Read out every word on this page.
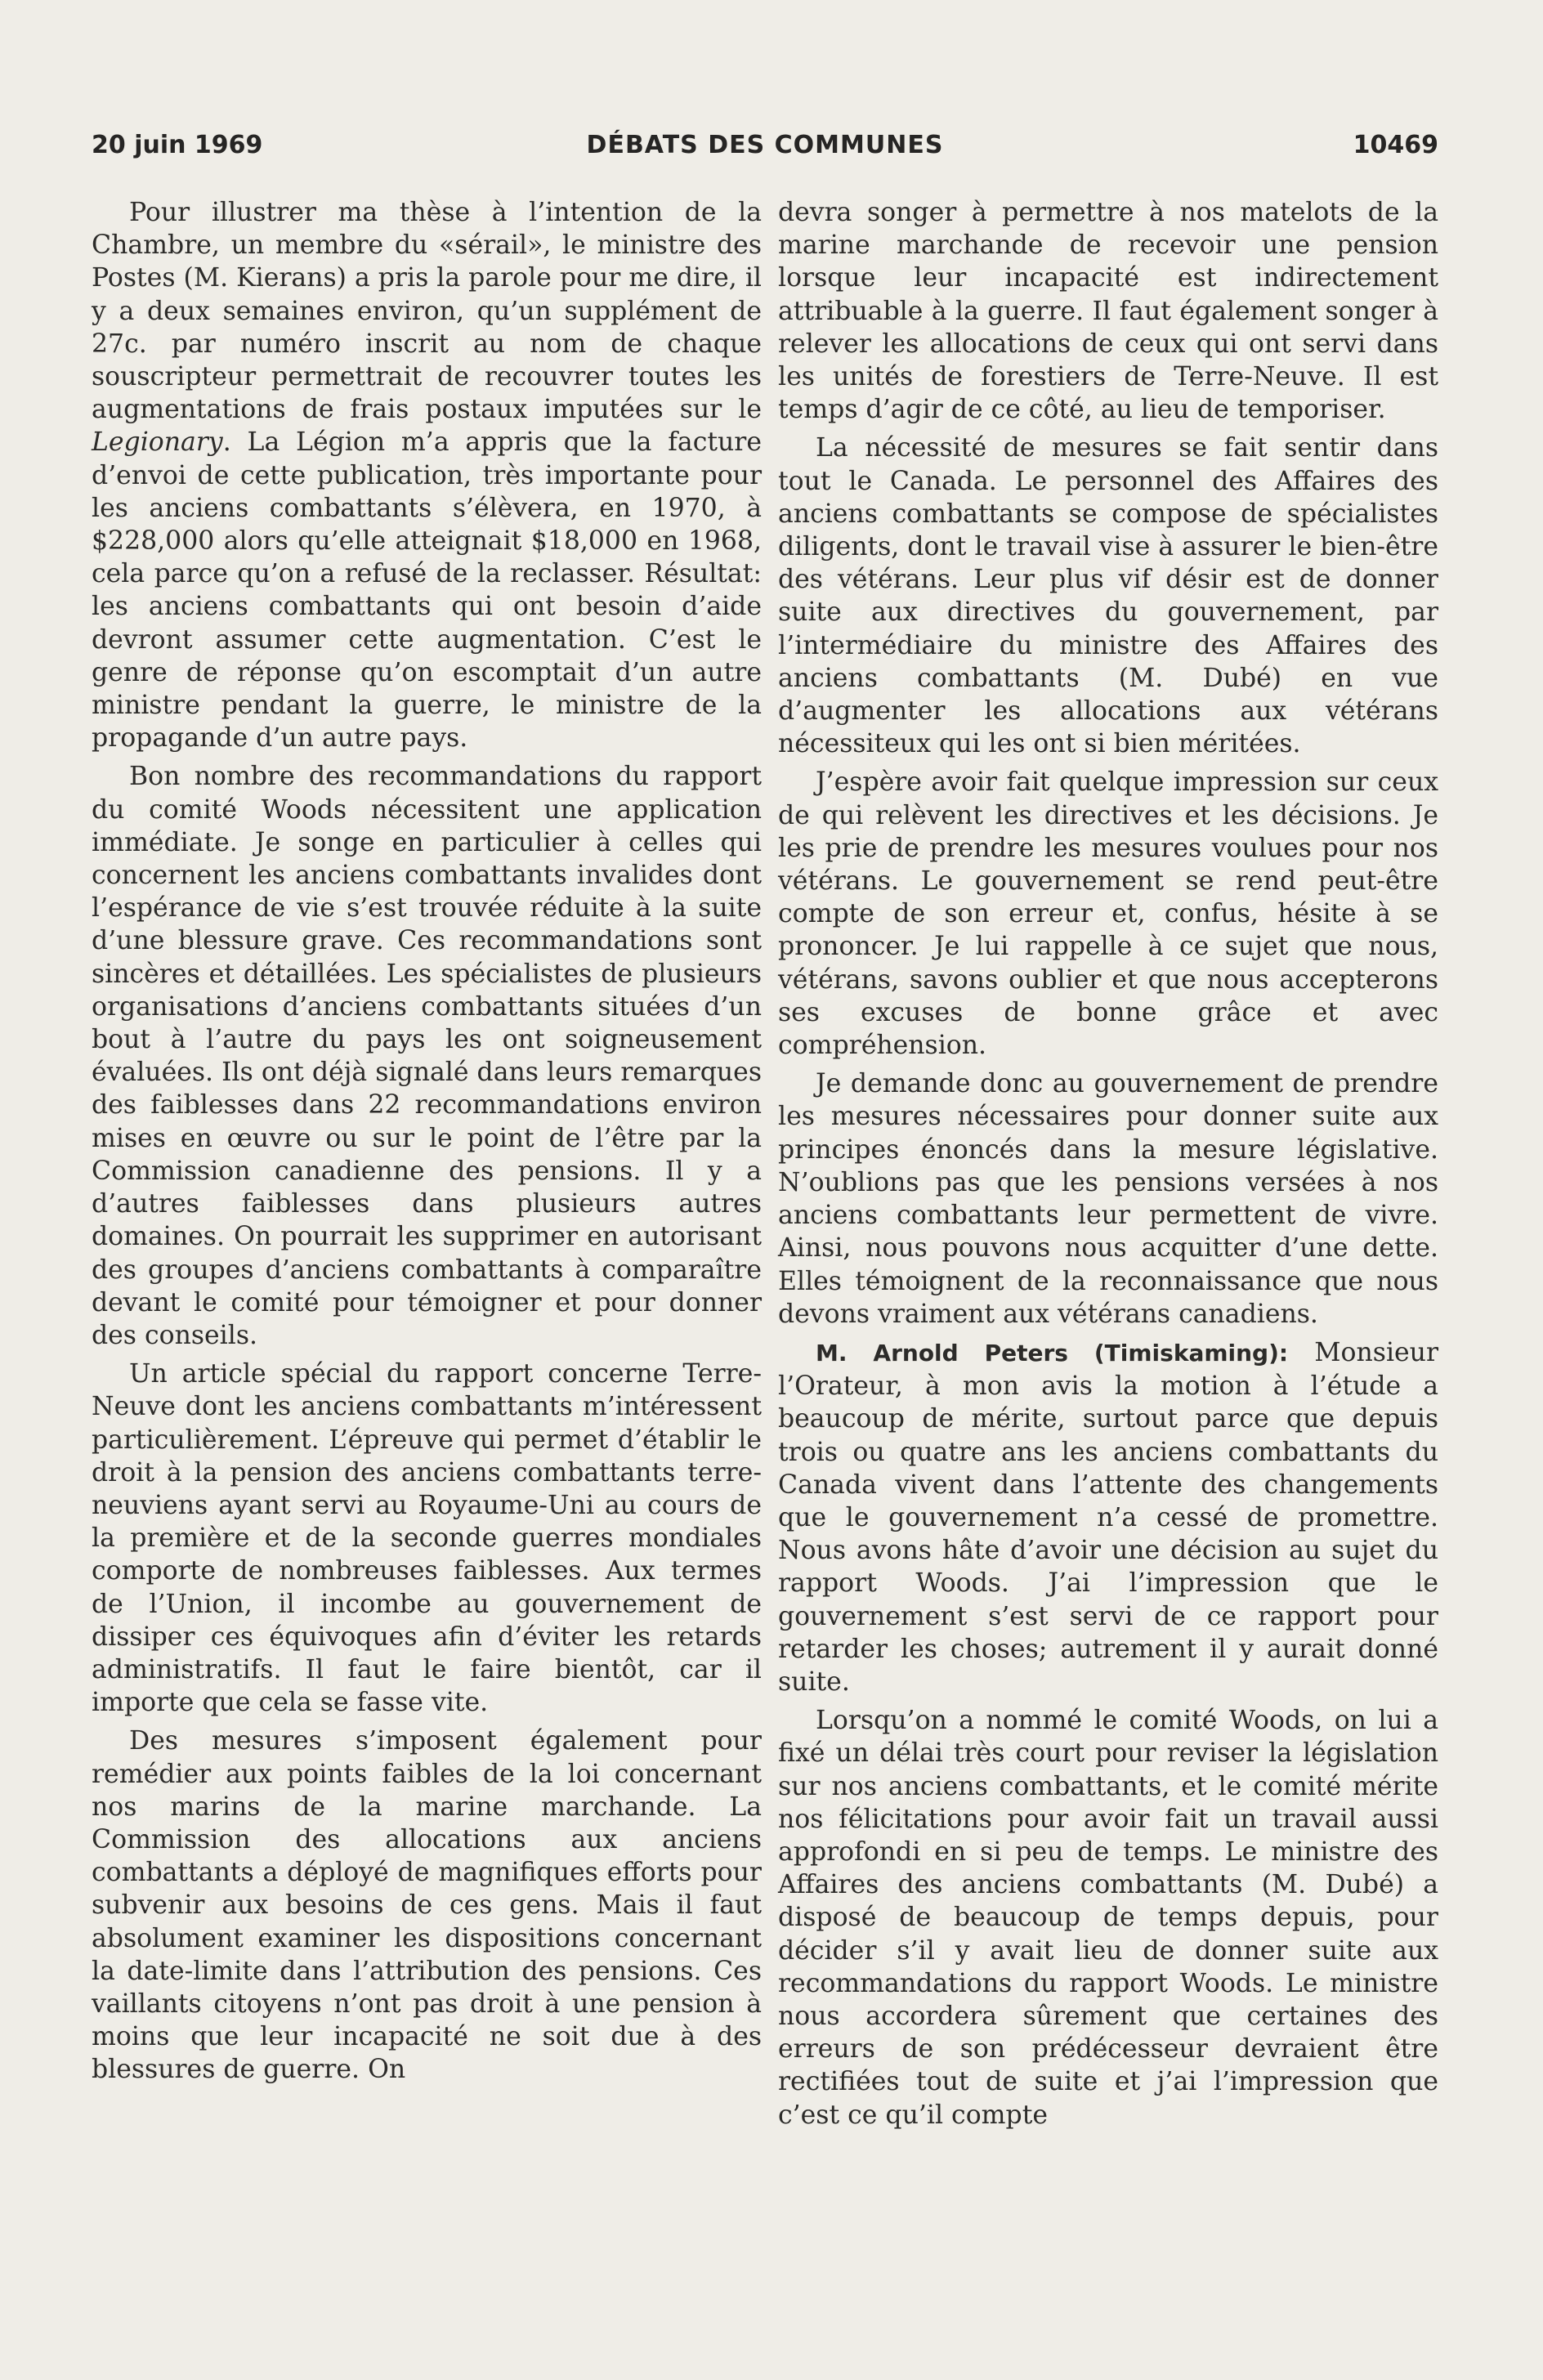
20 juin 1969	DÉBATS DES COMMUNES	10469

Pour illustrer ma thèse à l’intention de la Chambre, un membre du «sérail», le ministre des Postes (M. Kierans) a pris la parole pour me dire, il y a deux semaines environ, qu’un supplément de 27c. par numéro inscrit au nom de chaque souscripteur permettrait de recouvrer toutes les augmentations de frais postaux imputées sur le Legionary. La Légion m’a appris que la facture d’envoi de cette publication, très importante pour les anciens combattants s’élèvera, en 1970, à $228,000 alors qu’elle atteignait $18,000 en 1968, cela parce qu’on a refusé de la reclasser. Résultat: les anciens combattants qui ont besoin d’aide devront assumer cette augmentation. C’est le genre de réponse qu’on escomptait d’un autre ministre pendant la guerre, le ministre de la propagande d’un autre pays.

Bon nombre des recommandations du rapport du comité Woods nécessitent une application immédiate. Je songe en particulier à celles qui concernent les anciens combattants invalides dont l’espérance de vie s’est trouvée réduite à la suite d’une blessure grave. Ces recommandations sont sincères et détaillées. Les spécialistes de plusieurs organisations d’anciens combattants situées d’un bout à l’autre du pays les ont soigneusement évaluées. Ils ont déjà signalé dans leurs remarques des faiblesses dans 22 recommandations environ mises en œuvre ou sur le point de l’être par la Commission canadienne des pensions. Il y a d’autres faiblesses dans plusieurs autres domaines. On pourrait les supprimer en autorisant des groupes d’anciens combattants à comparaître devant le comité pour témoigner et pour donner des conseils.

Un article spécial du rapport concerne Terre-Neuve dont les anciens combattants m’intéressent particulièrement. L’épreuve qui permet d’établir le droit à la pension des anciens combattants terre-neuviens ayant servi au Royaume-Uni au cours de la première et de la seconde guerres mondiales comporte de nombreuses faiblesses. Aux termes de l’Union, il incombe au gouvernement de dissiper ces équivoques afin d’éviter les retards administratifs. Il faut le faire bientôt, car il importe que cela se fasse vite.

Des mesures s’imposent également pour remédier aux points faibles de la loi concernant nos marins de la marine marchande. La Commission des allocations aux anciens combattants a déployé de magnifiques efforts pour subvenir aux besoins de ces gens. Mais il faut absolument examiner les dispositions concernant la date-limite dans l’attribution des pensions. Ces vaillants citoyens n’ont pas droit à une pension à moins que leur incapacité ne soit due à des blessures de guerre. On

devra songer à permettre à nos matelots de la marine marchande de recevoir une pension lorsque leur incapacité est indirectement attribuable à la guerre. Il faut également songer à relever les allocations de ceux qui ont servi dans les unités de forestiers de Terre-Neuve. Il est temps d’agir de ce côté, au lieu de temporiser.

La nécessité de mesures se fait sentir dans tout le Canada. Le personnel des Affaires des anciens combattants se compose de spécialistes diligents, dont le travail vise à assurer le bien-être des vétérans. Leur plus vif désir est de donner suite aux directives du gouvernement, par l’intermédiaire du ministre des Affaires des anciens combattants (M. Dubé) en vue d’augmenter les allocations aux vétérans nécessiteux qui les ont si bien méritées.

J’espère avoir fait quelque impression sur ceux de qui relèvent les directives et les décisions. Je les prie de prendre les mesures voulues pour nos vétérans. Le gouvernement se rend peut-être compte de son erreur et, confus, hésite à se prononcer. Je lui rappelle à ce sujet que nous, vétérans, savons oublier et que nous accepterons ses excuses de bonne grâce et avec compréhension.

Je demande donc au gouvernement de prendre les mesures nécessaires pour donner suite aux principes énoncés dans la mesure législative. N’oublions pas que les pensions versées à nos anciens combattants leur permettent de vivre. Ainsi, nous pouvons nous acquitter d’une dette. Elles témoignent de la reconnaissance que nous devons vraiment aux vétérans canadiens.

M. Arnold Peters (Timiskaming): Monsieur l’Orateur, à mon avis la motion à l’étude a beaucoup de mérite, surtout parce que depuis trois ou quatre ans les anciens combattants du Canada vivent dans l’attente des changements que le gouvernement n’a cessé de promettre. Nous avons hâte d’avoir une décision au sujet du rapport Woods. J’ai l’impression que le gouvernement s’est servi de ce rapport pour retarder les choses; autrement il y aurait donné suite.

Lorsqu’on a nommé le comité Woods, on lui a fixé un délai très court pour reviser la législation sur nos anciens combattants, et le comité mérite nos félicitations pour avoir fait un travail aussi approfondi en si peu de temps. Le ministre des Affaires des anciens combattants (M. Dubé) a disposé de beaucoup de temps depuis, pour décider s’il y avait lieu de donner suite aux recommandations du rapport Woods. Le ministre nous accordera sûrement que certaines des erreurs de son prédécesseur devraient être rectifiées tout de suite et j’ai l’impression que c’est ce qu’il compte
